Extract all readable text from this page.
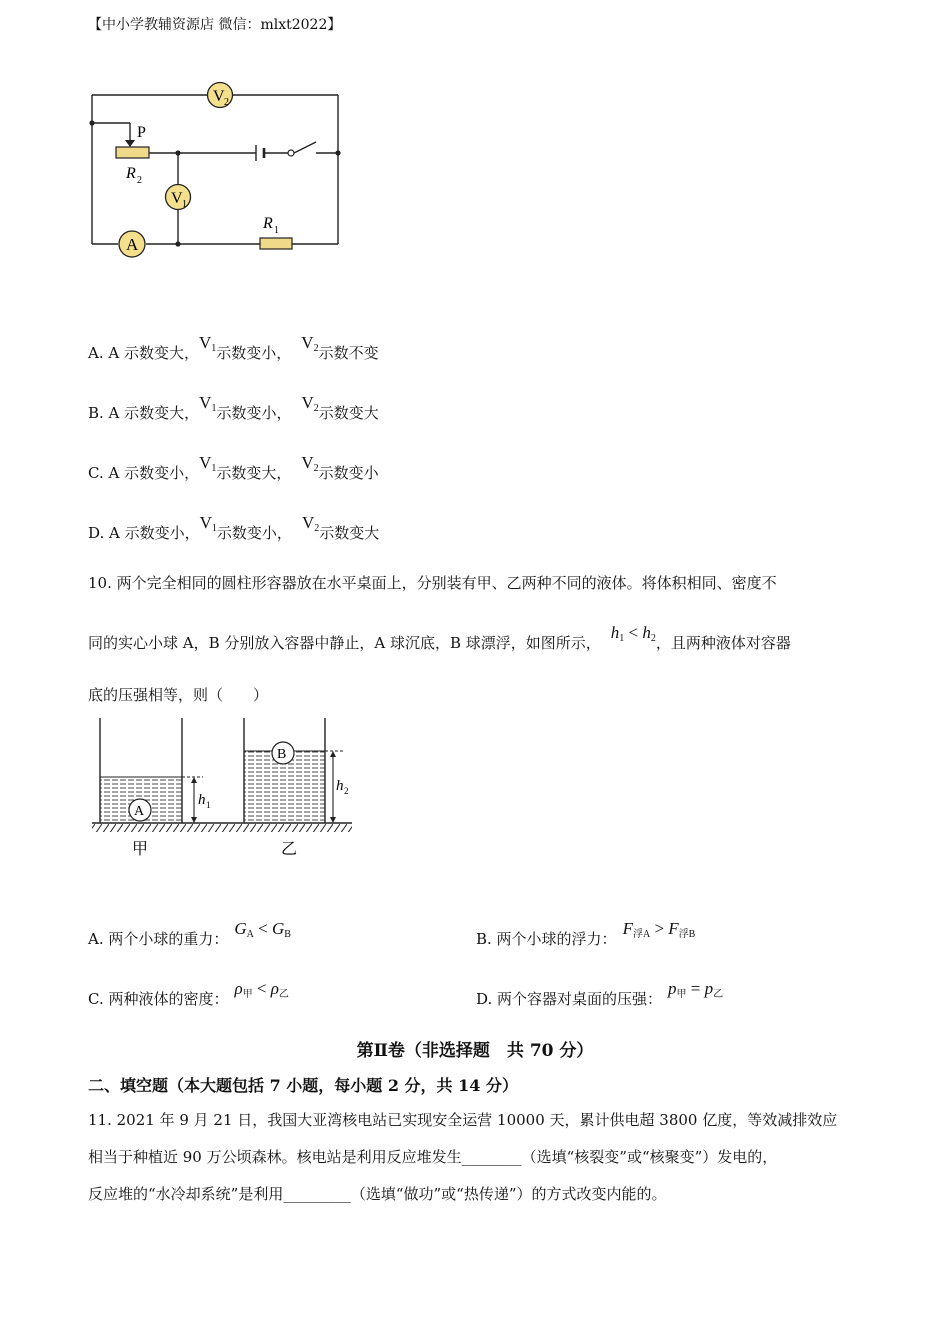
【中小学教辅资源店 微信：mlxt2022】
V 2
V 1
A
P
R 2
R 1
A. A 示数变大，V1示数变小，V2示数不变
B. A 示数变大，V1示数变小，V2示数变大
C. A 示数变小，V1示数变大，V2示数变小
D. A 示数变小，V1示数变小，V2示数变大
10. 两个完全相同的圆柱形容器放在水平桌面上，分别装有甲、乙两种不同的液体。将体积相同、密度不
同的实心小球 A，B 分别放入容器中静止，A 球沉底，B 球漂浮，如图所示，h1 < h2，且两种液体对容器
底的压强相等，则（　　）
A
h 1
B
h 2
甲	乙
A. 两个小球的重力：GA < GB	B. 两个小球的浮力：F浮A > F浮B
C. 两种液体的密度：ρ甲 < ρ乙	D. 两个容器对桌面的压强：p甲 = p乙
第Ⅱ卷（非选择题　共 70 分）
二、填空题（本大题包括 7 小题，每小题 2 分，共 14 分）
11. 2021 年 9 月 21 日，我国大亚湾核电站已实现安全运营 10000 天，累计供电超 3800 亿度，等效减排效应
相当于种植近 90 万公顷森林。核电站是利用反应堆发生________（选填“核裂变”或“核聚变”）发电的，
反应堆的“水冷却系统”是利用_________（选填“做功”或“热传递”）的方式改变内能的。
